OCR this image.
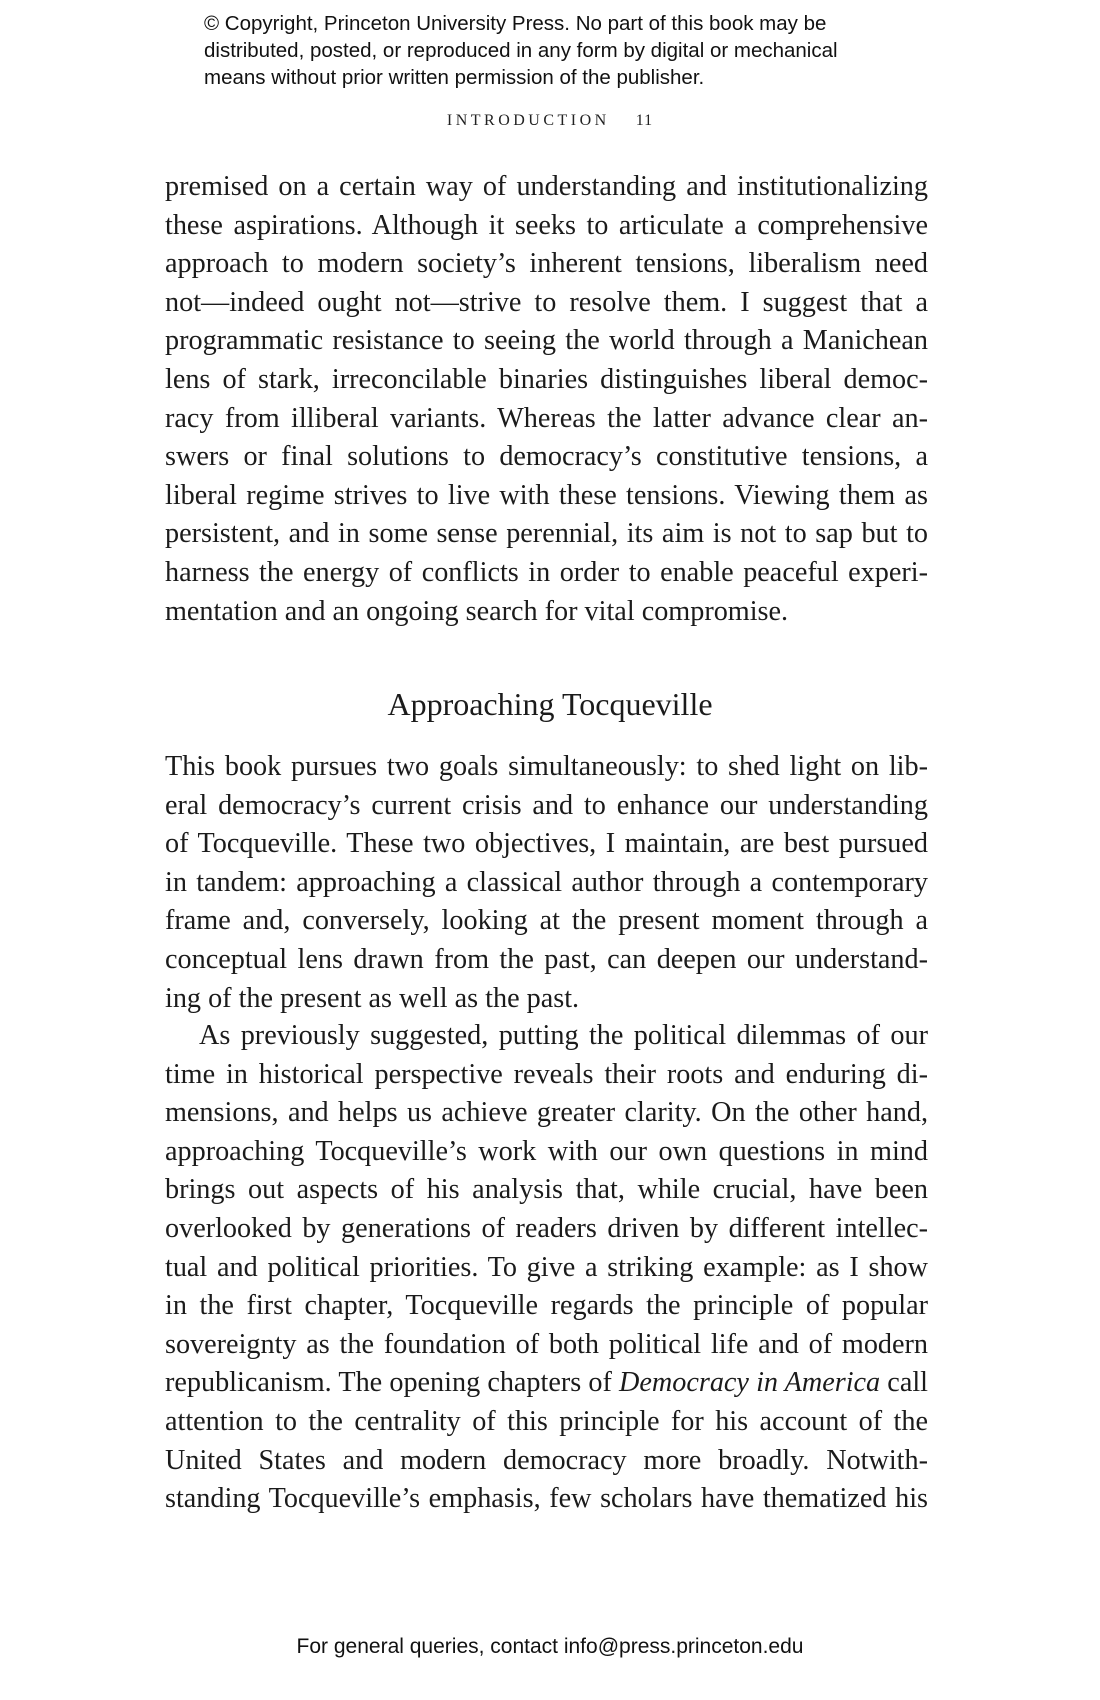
© Copyright, Princeton University Press. No part of this book may be
distributed, posted, or reproduced in any form by digital or mechanical
means without prior written permission of the publisher.
INTRODUCTION 11
premised on a certain way of understanding and institutionalizing
these aspirations. Although it seeks to articulate a comprehensive
approach to modern society’s inherent tensions, liberalism need
not—indeed ought not—strive to resolve them. I suggest that a
programmatic resistance to seeing the world through a Manichean
lens of stark, irreconcilable binaries distinguishes liberal democ-
racy from illiberal variants. Whereas the latter advance clear an-
swers or final solutions to democracy’s constitutive tensions, a
liberal regime strives to live with these tensions. Viewing them as
persistent, and in some sense perennial, its aim is not to sap but to
harness the energy of conflicts in order to enable peaceful experi-
mentation and an ongoing search for vital compromise.
Approaching Tocqueville
This book pursues two goals simultaneously: to shed light on lib-
eral democracy’s current crisis and to enhance our understanding
of Tocqueville. These two objectives, I maintain, are best pursued
in tandem: approaching a classical author through a contemporary
frame and, conversely, looking at the present moment through a
conceptual lens drawn from the past, can deepen our understand-
ing of the present as well as the past.
As previously suggested, putting the political dilemmas of our
time in historical perspective reveals their roots and enduring di-
mensions, and helps us achieve greater clarity. On the other hand,
approaching Tocqueville’s work with our own questions in mind
brings out aspects of his analysis that, while crucial, have been
overlooked by generations of readers driven by different intellec-
tual and political priorities. To give a striking example: as I show
in the first chapter, Tocqueville regards the principle of popular
sovereignty as the foundation of both political life and of modern
republicanism. The opening chapters of Democracy in America call
attention to the centrality of this principle for his account of the
United States and modern democracy more broadly. Notwith-
standing Tocqueville’s emphasis, few scholars have thematized his
For general queries, contact info@press.princeton.edu
